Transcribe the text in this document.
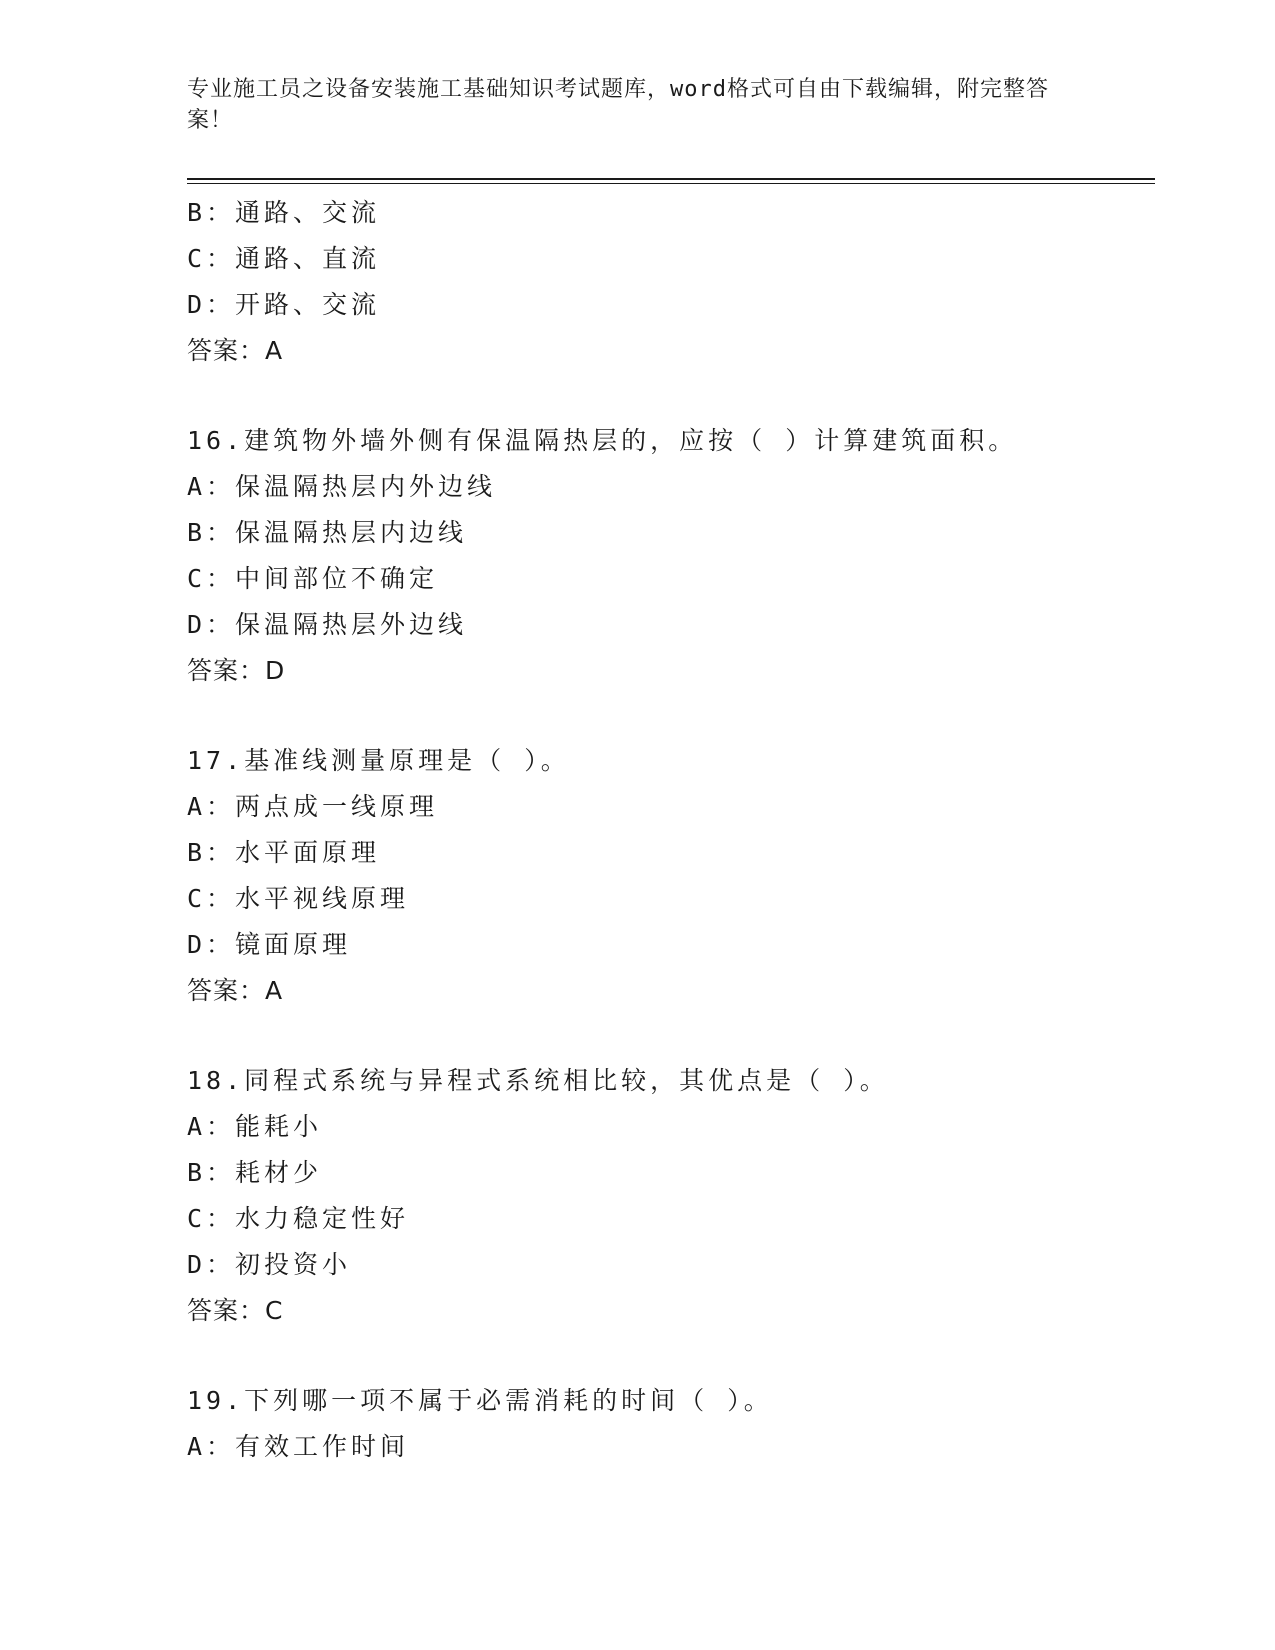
专业施工员之设备安装施工基础知识考试题库，word格式可自由下载编辑，附完整答案！
B：通路、交流
C：通路、直流
D：开路、交流
答案：A
16.建筑物外墙外侧有保温隔热层的，应按（ ）计算建筑面积。
A：保温隔热层内外边线
B：保温隔热层内边线
C：中间部位不确定
D：保温隔热层外边线
答案：D
17.基准线测量原理是（ ）。
A：两点成一线原理
B：水平面原理
C：水平视线原理
D：镜面原理
答案：A
18.同程式系统与异程式系统相比较，其优点是（ ）。
A：能耗小
B：耗材少
C：水力稳定性好
D：初投资小
答案：C
19.下列哪一项不属于必需消耗的时间（ ）。
A：有效工作时间
